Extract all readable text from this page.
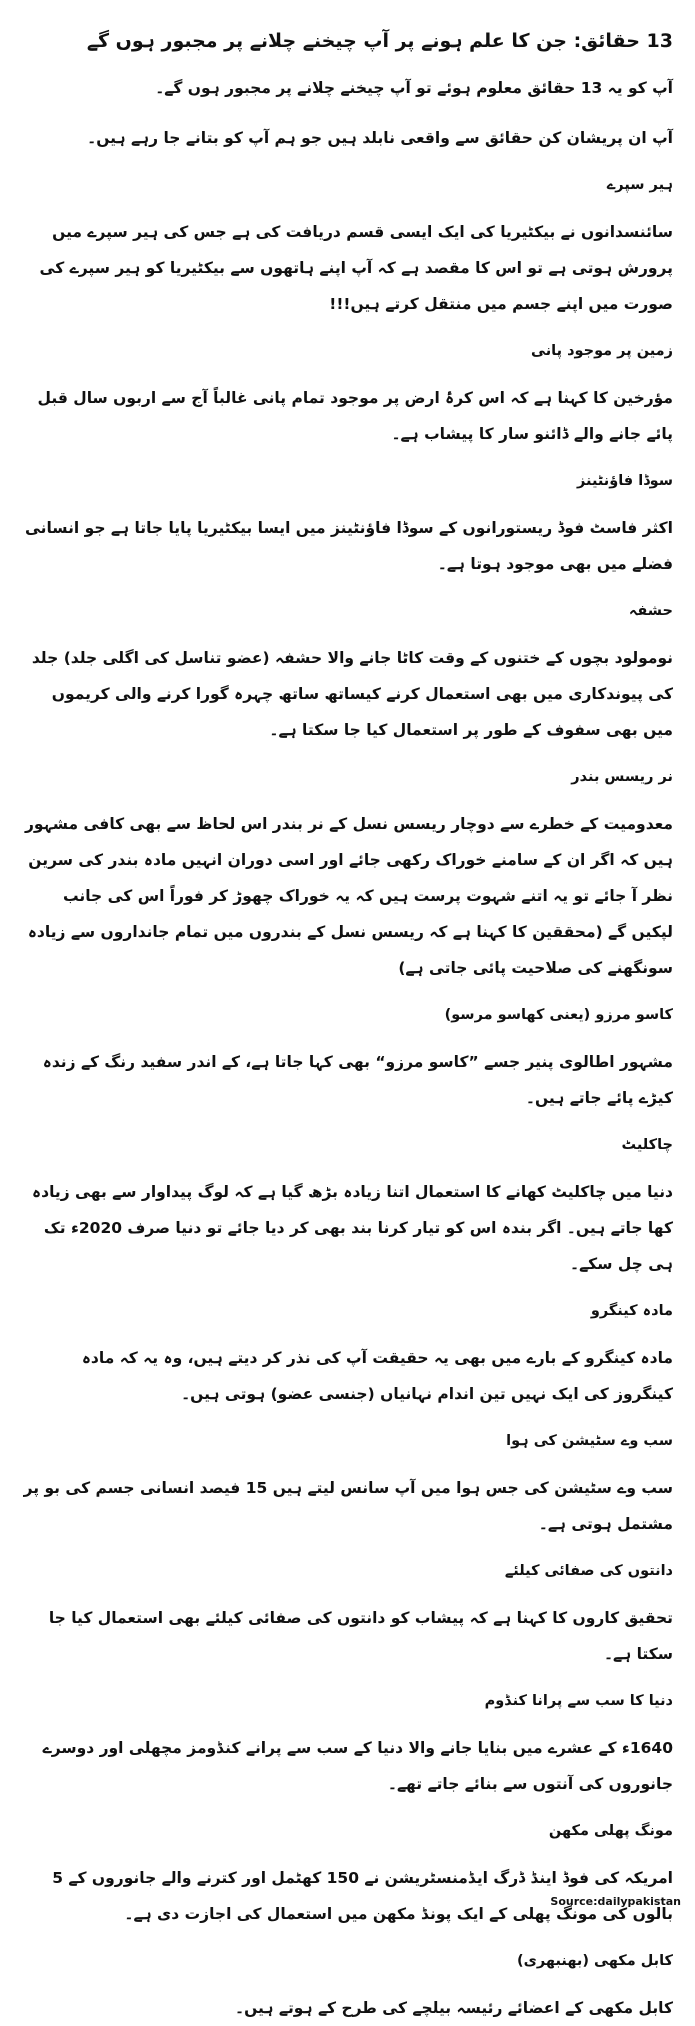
13 حقائق: جن کا علم ہونے پر آپ چیخنے چلانے پر مجبور ہوں گے
آپ کو یہ 13 حقائق معلوم ہوئے تو آپ چیخنے چلانے پر مجبور ہوں گے۔
آپ ان پریشان کن حقائق سے واقعی نابلد ہیں جو ہم آپ کو بتانے جا رہے ہیں۔
ہیر سپرے
سائنسدانوں نے بیکٹیریا کی ایک ایسی قسم دریافت کی ہے جس کی ہیر سپرے میں پرورش ہوتی ہے تو اس کا مقصد ہے کہ آپ اپنے ہاتھوں سے بیکٹیریا کو ہیر سپرے کی صورت میں اپنے جسم میں منتقل کرتے ہیں!!!
زمین پر موجود پانی
مؤرخین کا کہنا ہے کہ اس کرۂ ارض پر موجود تمام پانی غالباً آج سے اربوں سال قبل پائے جانے والے ڈائنو سار کا پیشاب ہے۔
سوڈا فاؤنٹینز
اکثر فاسٹ فوڈ ریستورانوں کے سوڈا فاؤنٹینز میں ایسا بیکٹیریا پایا جاتا ہے جو انسانی فضلے میں بھی موجود ہوتا ہے۔
حشفہ
نومولود بچوں کے ختنوں کے وقت کاٹا جانے والا حشفہ (عضو تناسل کی اگلی جلد) جلد کی پیوندکاری میں بھی استعمال کرنے کیساتھ ساتھ چہرہ گورا کرنے والی کریموں میں بھی سفوف کے طور پر استعمال کیا جا سکتا ہے۔
نر ریسس بندر
معدومیت کے خطرے سے دوچار ریسس نسل کے نر بندر اس لحاظ سے بھی کافی مشہور ہیں کہ اگر ان کے سامنے خوراک رکھی جائے اور اسی دوران انہیں مادہ بندر کی سرین نظر آ جائے تو یہ اتنے شہوت پرست ہیں کہ یہ خوراک چھوڑ کر فوراً اس کی جانب لپکیں گے (محققین کا کہنا ہے کہ ریسس نسل کے بندروں میں تمام جانداروں سے زیادہ سونگھنے کی صلاحیت پائی جاتی ہے)
کاسو مرزو (یعنی کھاسو مرسو)
مشہور اطالوی پنیر جسے ”کاسو مرزو“ بھی کہا جاتا ہے، کے اندر سفید رنگ کے زندہ کیڑے پائے جاتے ہیں۔
چاکلیٹ
دنیا میں چاکلیٹ کھانے کا استعمال اتنا زیادہ بڑھ گیا ہے کہ لوگ پیداوار سے بھی زیادہ کھا جاتے ہیں۔ اگر بندہ اس کو تیار کرنا بند بھی کر دیا جائے تو دنیا صرف 2020ء تک ہی چل سکے۔
مادہ کینگرو
مادہ کینگرو کے بارے میں بھی یہ حقیقت آپ کی نذر کر دیتے ہیں، وہ یہ کہ مادہ کینگروز کی ایک نہیں تین اندام نہانیاں (جنسی عضو) ہوتی ہیں۔
سب وے سٹیشن کی ہوا
سب وے سٹیشن کی جس ہوا میں آپ سانس لیتے ہیں 15 فیصد انسانی جسم کی بو پر مشتمل ہوتی ہے۔
دانتوں کی صفائی کیلئے
تحقیق کاروں کا کہنا ہے کہ پیشاب کو دانتوں کی صفائی کیلئے بھی استعمال کیا جا سکتا ہے۔
دنیا کا سب سے پرانا کنڈوم
1640ء کے عشرے میں بنایا جانے والا دنیا کے سب سے پرانے کنڈومز مچھلی اور دوسرے جانوروں کی آنتوں سے بنائے جاتے تھے۔
مونگ پھلی مکھن
امریکہ کی فوڈ اینڈ ڈرگ ایڈمنسٹریشن نے 150 کھٹمل اور کترنے والے جانوروں کے 5 بالوں کی مونگ پھلی کے ایک پونڈ مکھن میں استعمال کی اجازت دی ہے۔
کابل مکھی (بھنبھری)
کابل مکھی کے اعضائے رئیسہ بیلچے کی طرح کے ہوتے ہیں۔
Source:dailypakistan
